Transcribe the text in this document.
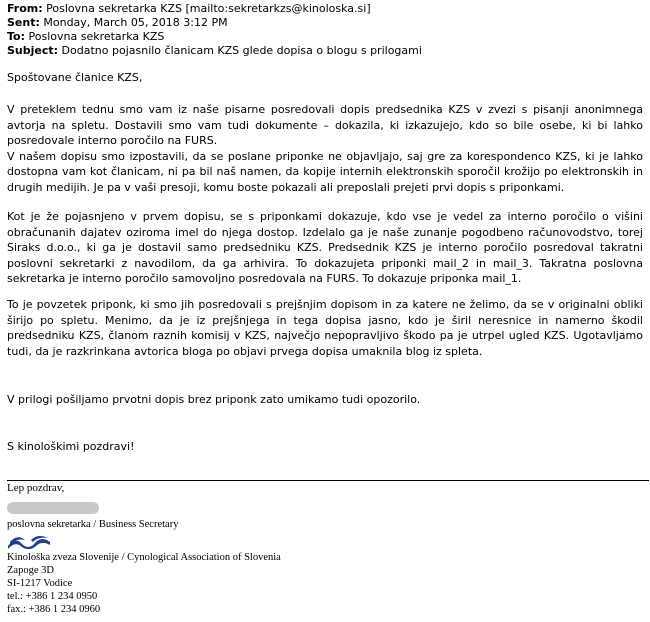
From: Poslovna sekretarka KZS [mailto:sekretarkzs@kinoloska.si]
Sent: Monday, March 05, 2018 3:12 PM
To: Poslovna sekretarka KZS
Subject: Dodatno pojasnilo članicam KZS glede dopisa o blogu s prilogami

Spoštovane članice KZS,

V preteklem tednu smo vam iz naše pisarne posredovali dopis predsednika KZS v zvezi s pisanji anonimnega avtorja na spletu. Dostavili smo vam tudi dokumente – dokazila, ki izkazujejo, kdo so bile osebe, ki bi lahko posredovale interno poročilo na FURS.

V našem dopisu smo izpostavili, da se poslane priponke ne objavljajo, saj gre za korespondenco KZS, ki je lahko dostopna vam kot članicam, ni pa bil naš namen, da kopije internih elektronskih sporočil krožijo po elektronskih in drugih medijih. Je pa v vaši presoji, komu boste pokazali ali preposlali prejeti prvi dopis s priponkami.

Kot je že pojasnjeno v prvem dopisu, se s priponkami dokazuje, kdo vse je vedel za interno poročilo o višini obračunanih dajatev oziroma imel do njega dostop. Izdelalo ga je naše zunanje pogodbeno računovodstvo, torej Siraks d.o.o., ki ga je dostavil samo predsedniku KZS. Predsednik KZS je interno poročilo posredoval takratni poslovni sekretarki z navodilom, da ga arhivira. To dokazujeta priponki mail_2 in mail_3. Takratna poslovna sekretarka je interno poročilo samovoljno posredovala na FURS. To dokazuje priponka mail_1.

To je povzetek priponk, ki smo jih posredovali s prejšnjim dopisom in za katere ne želimo, da se v originalni obliki širijo po spletu. Menimo, da je iz prejšnjega in tega dopisa jasno, kdo je širil neresnice in namerno škodil predsedniku KZS, članom raznih komisij v KZS, največjo nepopravljivo škodo pa je utrpel ugled KZS. Ugotavljamo tudi, da je razkrinkana avtorica bloga po objavi prvega dopisa umaknila blog iz spleta.

V prilogi pošiljamo prvotni dopis brez priponk zato umikamo tudi opozorilo.

S kinološkimi pozdravi!

Lep pozdrav,
poslovna sekretarka / Business Secretary
Kinološka zveza Slovenije / Cynological Association of Slovenia
Zapoge 3D
SI-1217 Vodice
tel.: +386 1 234 0950
fax.: +386 1 234 0960
